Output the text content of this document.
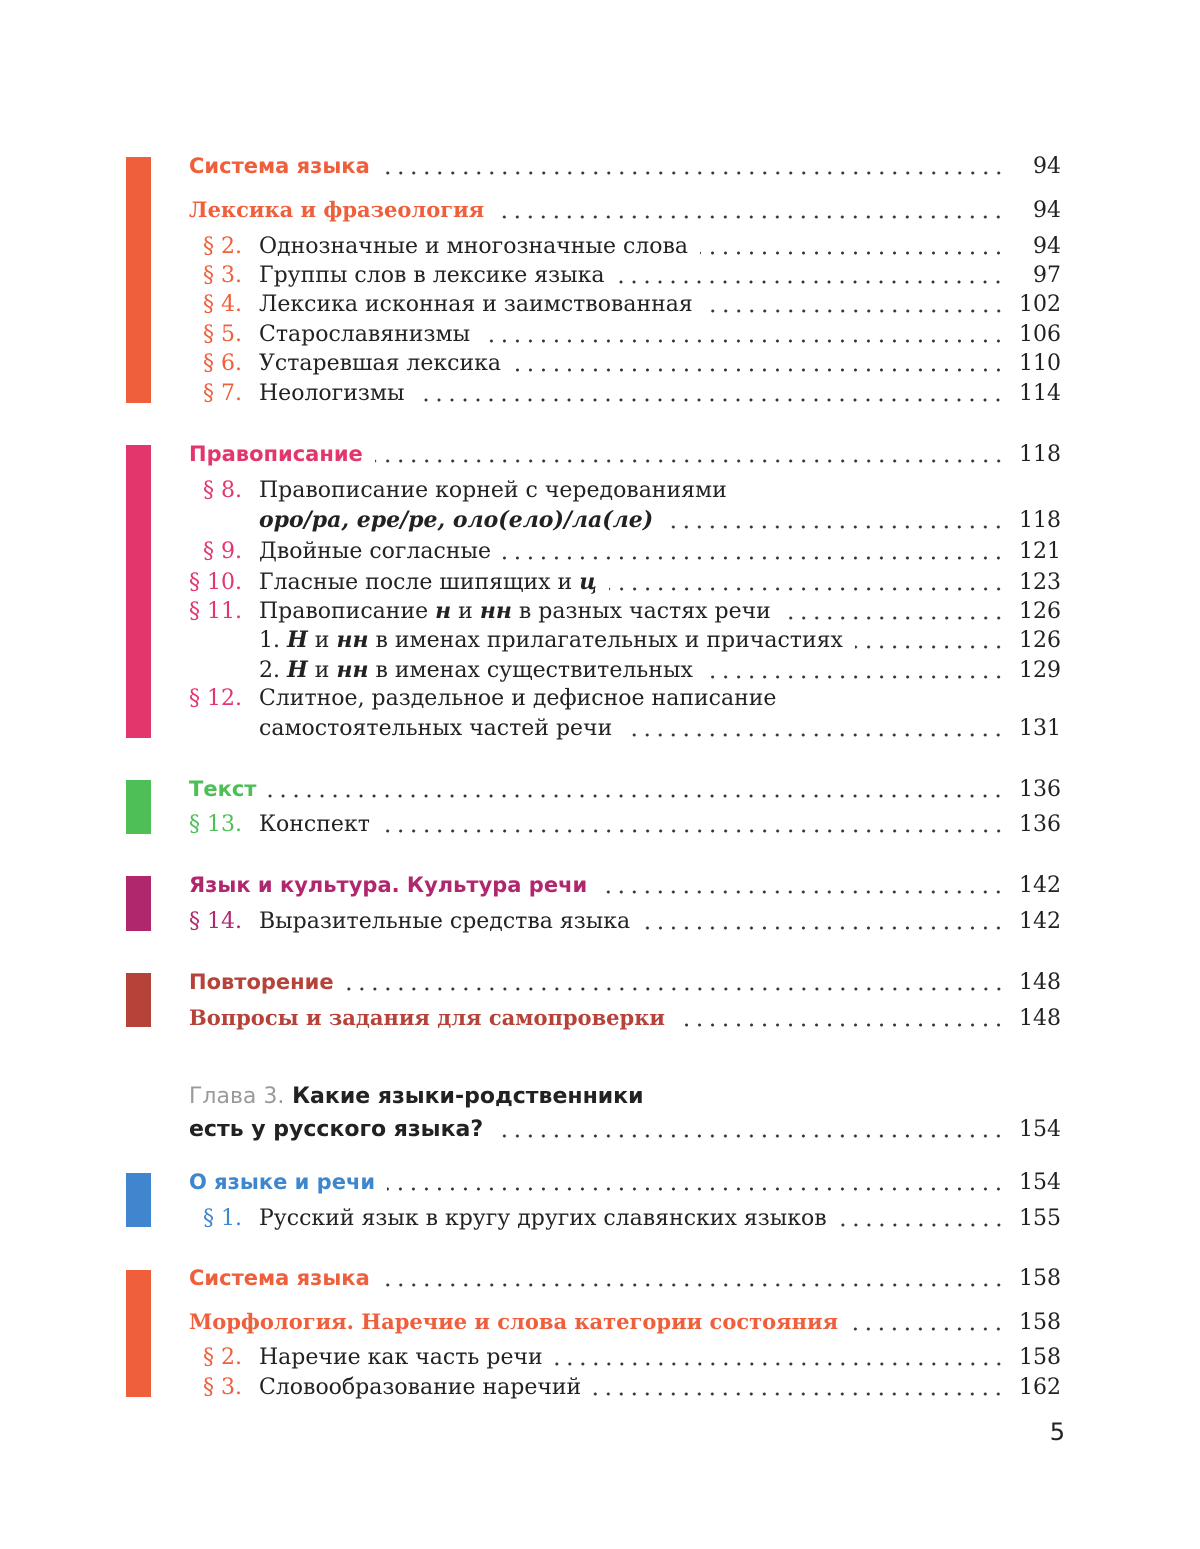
Система языка	94
Лексика и фразеология	94
§ 2. Однозначные и многозначные слова	94
§ 3. Группы слов в лексике языка	97
§ 4. Лексика исконная и заимствованная	102
§ 5. Старославянизмы	106
§ 6. Устаревшая лексика	110
§ 7. Неологизмы	114
Правописание	118
§ 8. Правописание корней с чередованиями
оро/ра, ере/ре, оло(ело)/ла(ле)	118
§ 9. Двойные согласные	121
§ 10. Гласные после шипящих и ц	123
§ 11. Правописание н и нн в разных частях речи	126
1. Н и нн в именах прилагательных и причастиях	126
2. Н и нн в именах существительных	129
§ 12. Слитное, раздельное и дефисное написание
самостоятельных частей речи	131
Текст	136
§ 13. Конспект	136
Язык и культура. Культура речи	142
§ 14. Выразительные средства языка	142
Повторение	148
Вопросы и задания для самопроверки	148
Глава 3. Какие языки-родственники
есть у русского языка?	154
О языке и речи	154
§ 1. Русский язык в кругу других славянских языков	155
Система языка	158
Морфология. Наречие и слова категории состояния	158
§ 2. Наречие как часть речи	158
§ 3. Словообразование наречий	162
5
